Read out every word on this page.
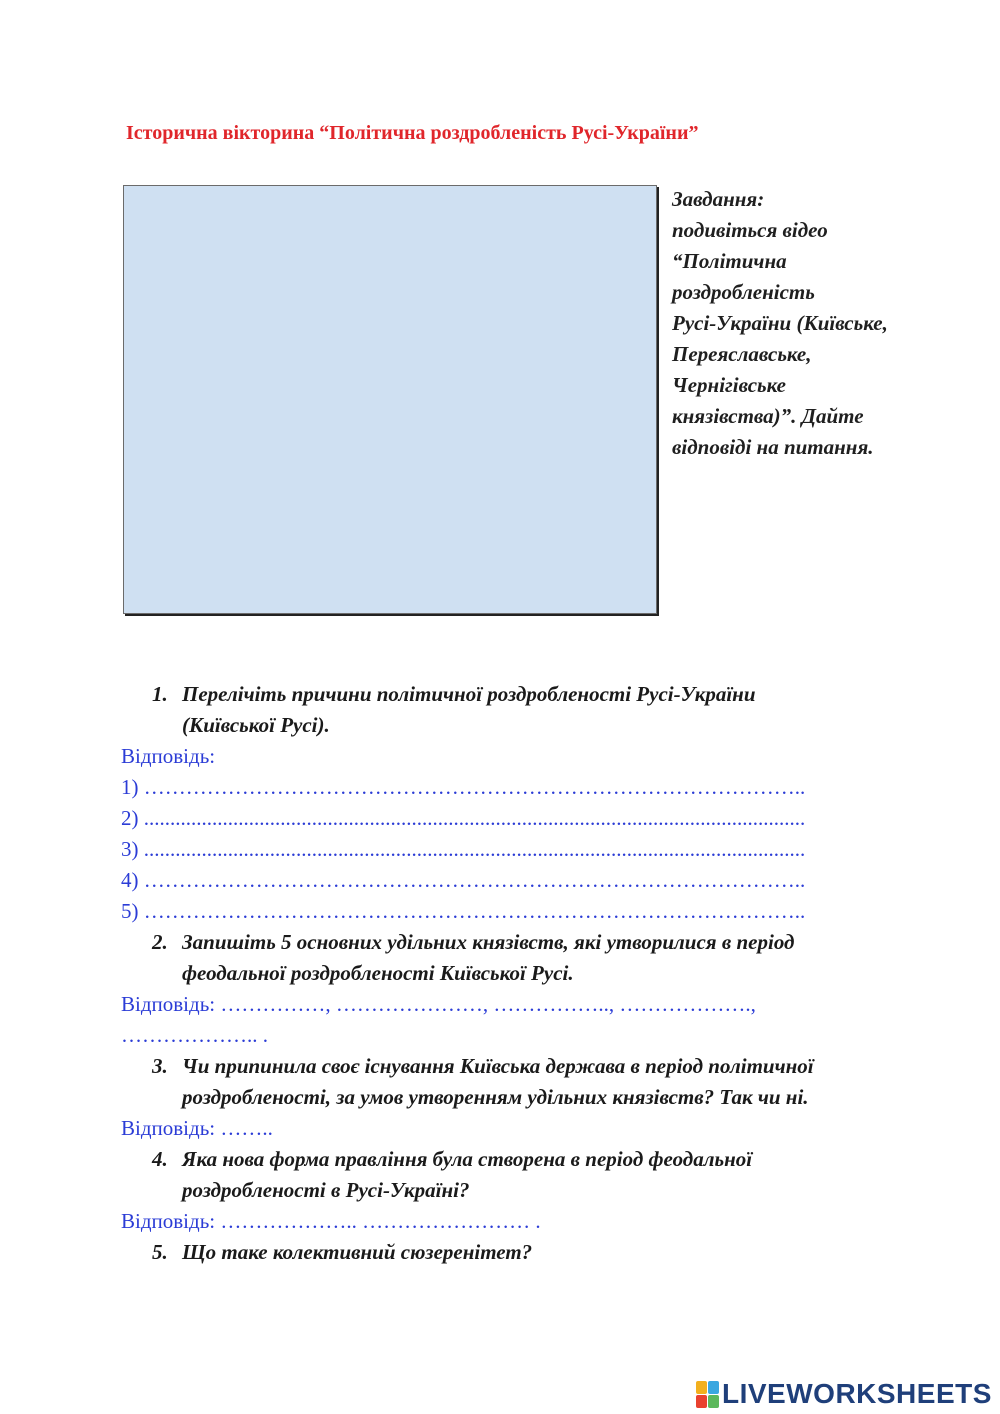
Історична вікторина “Політична роздробленість Русі-України”
Завдання:
подивіться відео
“Політична
роздробленість
Русі-України (Київське,
Переяславське,
Чернігівське
князівства)”. Дайте
відповіді на питання.
1. Перелічіть причини політичної роздробленості Русі-України
(Київської Русі).
Відповідь:
1) …………………………………………………………………………………..
2) ..............................................................................................................................
3) ..............................................................................................................................
4) …………………………………………………………………………………..
5) …………………………………………………………………………………..
2. Запишіть 5 основних удільних князівств, які утворилися в період
феодальної роздробленості Київської Русі.
Відповідь: ……………, …………………, …………….., ……………….,
……………….. .
3. Чи припинила своє існування Київська держава в період політичної
роздробленості, за умов утворенням удільних князівств? Так чи ні.
Відповідь: ……..
4. Яка нова форма правління була створена в період феодальної
роздробленості в Русі-Україні?
Відповідь: ……………….. …………………… .
5. Що таке колективний сюзеренітет?
LIVEWORKSHEETS
